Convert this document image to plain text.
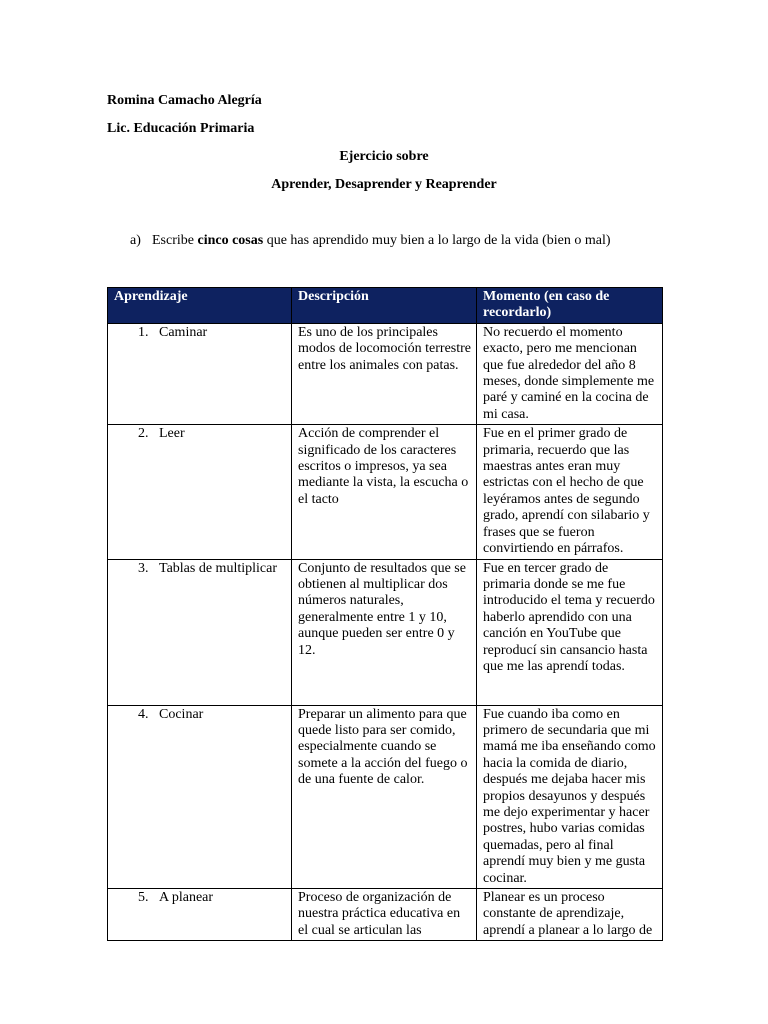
Romina Camacho Alegría
Lic. Educación Primaria
Ejercicio sobre
Aprender, Desaprender y Reaprender
a) Escribe cinco cosas que has aprendido muy bien a lo largo de la vida (bien o mal)
Aprendizaje	Descripción	Momento (en caso de recordarlo)
1. Caminar	Es uno de los principales modos de locomoción terrestre entre los animales con patas.	No recuerdo el momento exacto, pero me mencionan que fue alrededor del año 8 meses, donde simplemente me paré y caminé en la cocina de mi casa.
2. Leer	Acción de comprender el significado de los caracteres escritos o impresos, ya sea mediante la vista, la escucha o el tacto	Fue en el primer grado de primaria, recuerdo que las maestras antes eran muy estrictas con el hecho de que leyéramos antes de segundo grado, aprendí con silabario y frases que se fueron convirtiendo en párrafos.
3. Tablas de multiplicar	Conjunto de resultados que se obtienen al multiplicar dos números naturales, generalmente entre 1 y 10, aunque pueden ser entre 0 y 12.	Fue en tercer grado de primaria donde se me fue introducido el tema y recuerdo haberlo aprendido con una canción en YouTube que reproducí sin cansancio hasta que me las aprendí todas.
4. Cocinar	Preparar un alimento para que quede listo para ser comido, especialmente cuando se somete a la acción del fuego o de una fuente de calor.	Fue cuando iba como en primero de secundaria que mi mamá me iba enseñando como hacia la comida de diario, después me dejaba hacer mis propios desayunos y después me dejo experimentar y hacer postres, hubo varias comidas quemadas, pero al final aprendí muy bien y me gusta cocinar.
5. A planear	Proceso de organización de nuestra práctica educativa en el cual se articulan las	Planear es un proceso constante de aprendizaje, aprendí a planear a lo largo de
